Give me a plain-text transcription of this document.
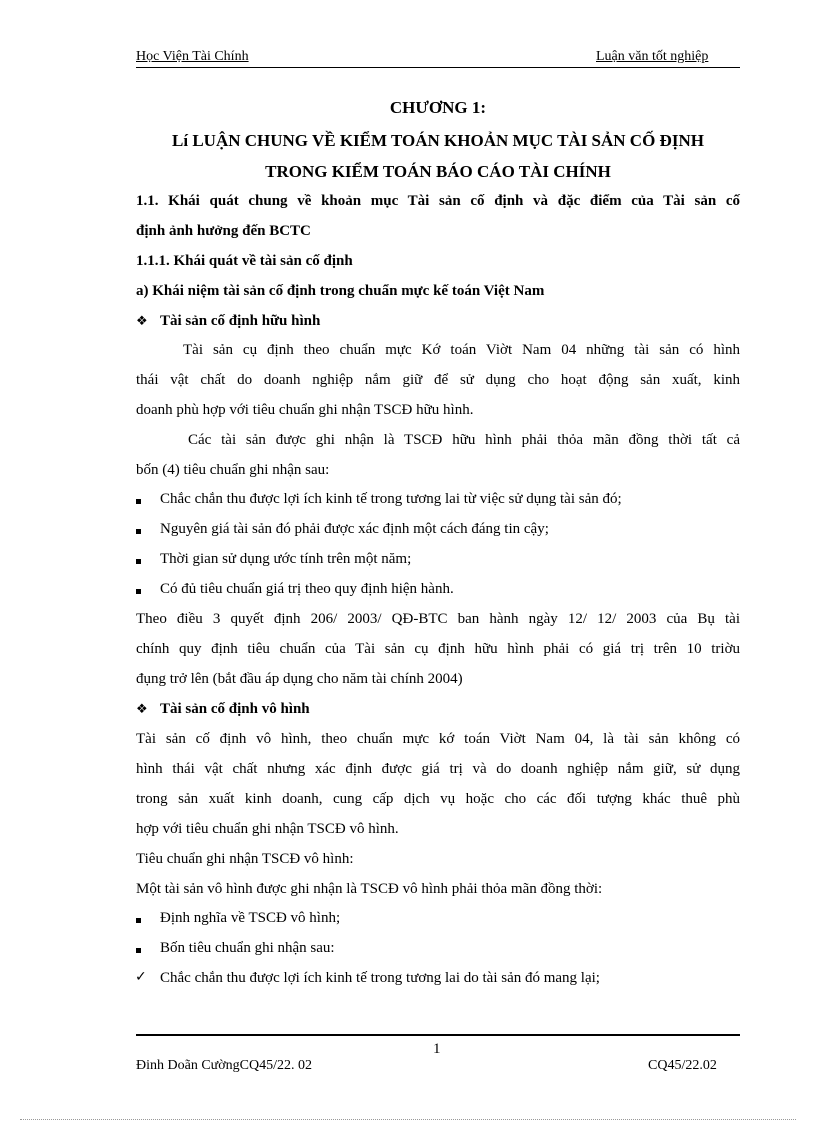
Học Viện Tài Chính	Luận văn tốt nghiệp
CHƯƠNG 1:
Lí LUẬN CHUNG VỀ KIỂM TOÁN KHOẢN MỤC TÀI SẢN CỐ ĐỊNH
TRONG KIỂM TOÁN BÁO CÁO TÀI CHÍNH
1.1. Khái quát chung về khoản mục Tài sản cố định và đặc điểm của Tài sản cố
định ảnh hưởng đến BCTC
1.1.1. Khái quát về tài sản cố định
a) Khái niệm tài sản cố định trong chuẩn mực kế toán Việt Nam
❖ Tài sản cố định hữu hình
Tài sản cụ định theo chuẩn mực Kớ toán Viờt Nam 04 những tài sản có hình
thái vật chất do doanh nghiệp nắm giữ để sử dụng cho hoạt động sản xuất, kinh
doanh phù hợp với tiêu chuẩn ghi nhận TSCĐ hữu hình.
Các tài sản được ghi nhận là TSCĐ hữu hình phải thỏa mãn đồng thời tất cả
bốn (4) tiêu chuẩn ghi nhận sau:
Chắc chắn thu được lợi ích kinh tế trong tương lai từ việc sử dụng tài sản đó;
Nguyên giá tài sản đó phải được xác định một cách đáng tin cậy;
Thời gian sử dụng ước tính trên một năm;
Có đủ tiêu chuẩn giá trị theo quy định hiện hành.
Theo điều 3 quyết định 206/ 2003/ QĐ-BTC ban hành ngày 12/ 12/ 2003 của Bụ tài
chính quy định tiêu chuẩn của Tài sản cụ định hữu hình phải có giá trị trên 10 triờu
đụng trở lên (bắt đầu áp dụng cho năm tài chính 2004)
❖ Tài sản cố định vô hình
Tài sản cố định vô hình, theo chuẩn mực kớ toán Viờt Nam 04, là tài sản không có
hình thái vật chất nhưng xác định được giá trị và do doanh nghiệp nắm giữ, sử dụng
trong sản xuất kinh doanh, cung cấp dịch vụ hoặc cho các đối tượng khác thuê phù
hợp với tiêu chuẩn ghi nhận TSCĐ vô hình.
Tiêu chuẩn ghi nhận TSCĐ vô hình:
Một tài sản vô hình được ghi nhận là TSCĐ vô hình phải thỏa mãn đồng thời:
Định nghĩa về TSCĐ vô hình;
Bốn tiêu chuẩn ghi nhận sau:
✓ Chắc chắn thu được lợi ích kinh tế trong tương lai do tài sản đó mang lại;
1
Đinh Doãn CườngCQ45/22. 02	CQ45/22.02
